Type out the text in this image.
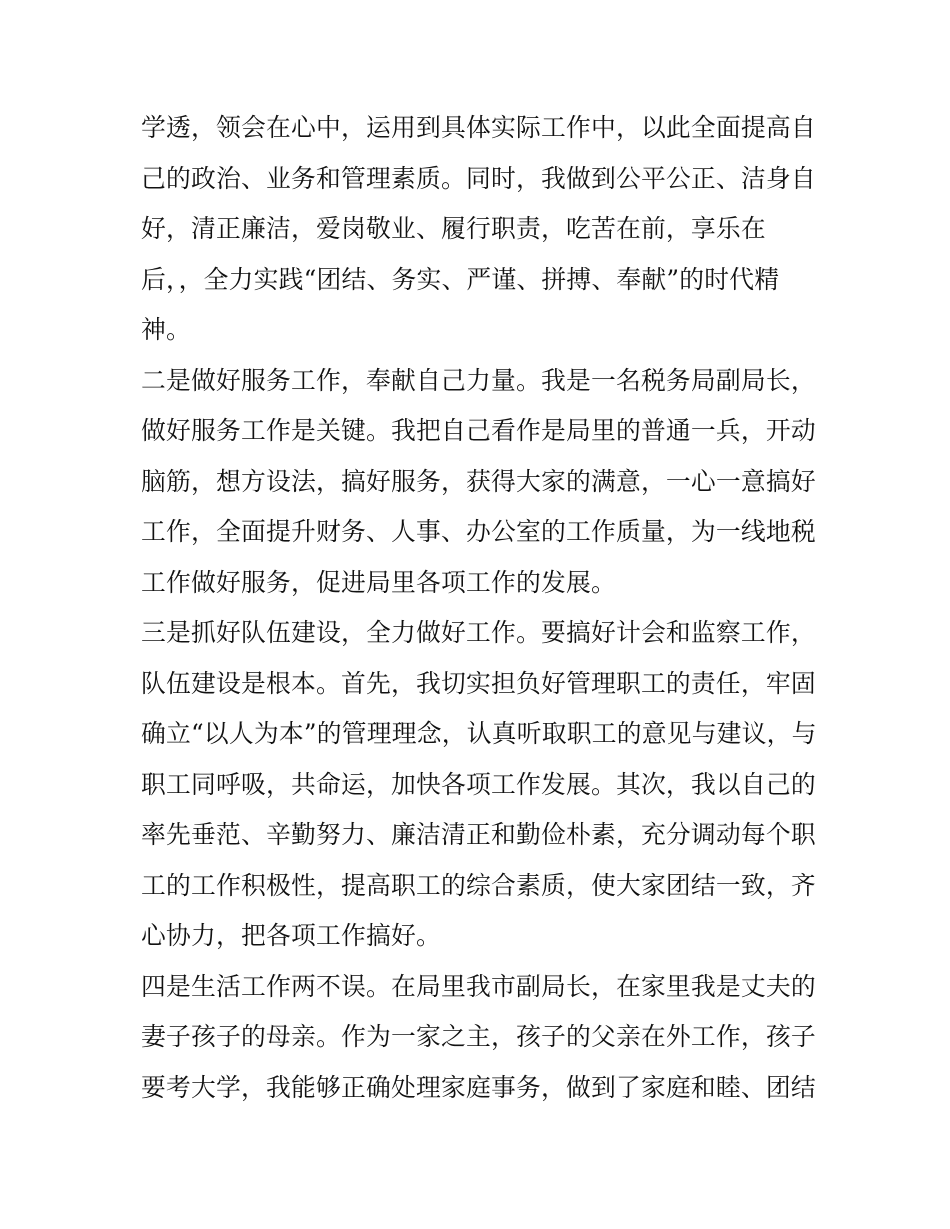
学透，领会在心中，运用到具体实际工作中，以此全面提高自
己的政治、业务和管理素质。同时，我做到公平公正、洁身自
好，清正廉洁，爱岗敬业、履行职责，吃苦在前，享乐在
后，，全力实践“团结、务实、严谨、拼搏、奉献”的时代精
神。
二是做好服务工作，奉献自己力量。我是一名税务局副局长，
做好服务工作是关键。我把自己看作是局里的普通一兵，开动
脑筋，想方设法，搞好服务，获得大家的满意，一心一意搞好
工作，全面提升财务、人事、办公室的工作质量，为一线地税
工作做好服务，促进局里各项工作的发展。
三是抓好队伍建设，全力做好工作。要搞好计会和监察工作，
队伍建设是根本。首先，我切实担负好管理职工的责任，牢固
确立“以人为本”的管理理念，认真听取职工的意见与建议，与
职工同呼吸，共命运，加快各项工作发展。其次，我以自己的
率先垂范、辛勤努力、廉洁清正和勤俭朴素，充分调动每个职
工的工作积极性，提高职工的综合素质，使大家团结一致，齐
心协力，把各项工作搞好。
四是生活工作两不误。在局里我市副局长，在家里我是丈夫的
妻子孩子的母亲。作为一家之主，孩子的父亲在外工作，孩子
要考大学，我能够正确处理家庭事务，做到了家庭和睦、团结
